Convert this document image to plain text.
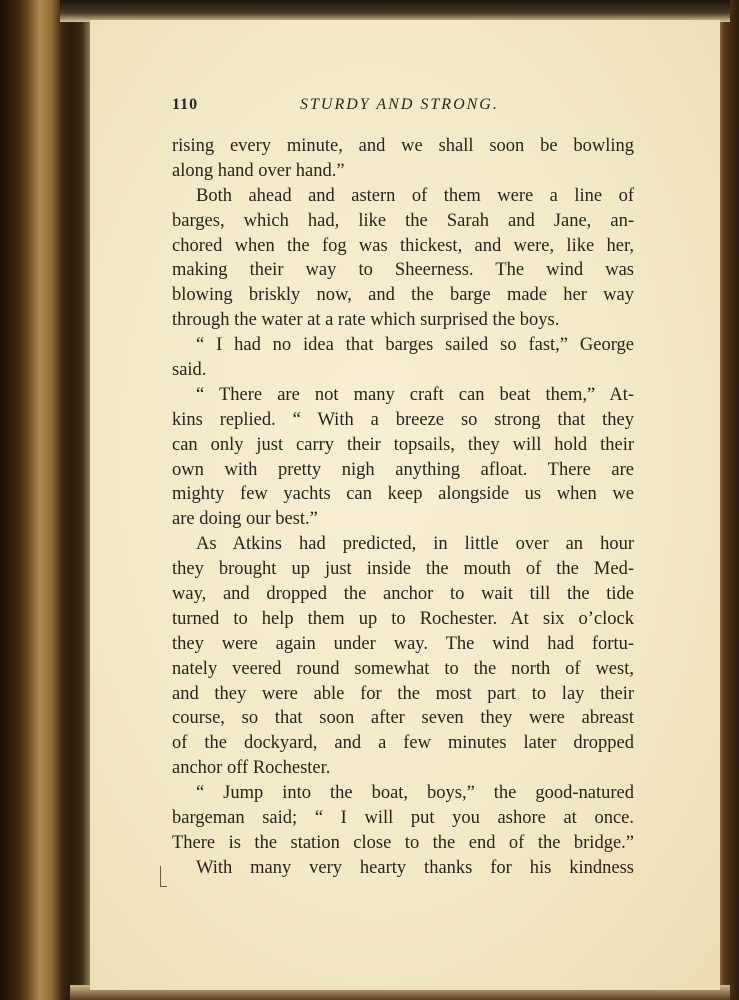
110	STURDY AND STRONG.
rising every minute, and we shall soon be bowling
along hand over hand.”
Both ahead and astern of them were a line of
barges, which had, like the Sarah and Jane, an-
chored when the fog was thickest, and were, like her,
making their way to Sheerness. The wind was
blowing briskly now, and the barge made her way
through the water at a rate which surprised the boys.
“ I had no idea that barges sailed so fast,” George
said.
“ There are not many craft can beat them,” At-
kins replied. “ With a breeze so strong that they
can only just carry their topsails, they will hold their
own with pretty nigh anything afloat. There are
mighty few yachts can keep alongside us when we
are doing our best.”
As Atkins had predicted, in little over an hour
they brought up just inside the mouth of the Med-
way, and dropped the anchor to wait till the tide
turned to help them up to Rochester. At six o’clock
they were again under way. The wind had fortu-
nately veered round somewhat to the north of west,
and they were able for the most part to lay their
course, so that soon after seven they were abreast
of the dockyard, and a few minutes later dropped
anchor off Rochester.
“ Jump into the boat, boys,” the good-natured
bargeman said; “ I will put you ashore at once.
There is the station close to the end of the bridge.”
With many very hearty thanks for his kindness
